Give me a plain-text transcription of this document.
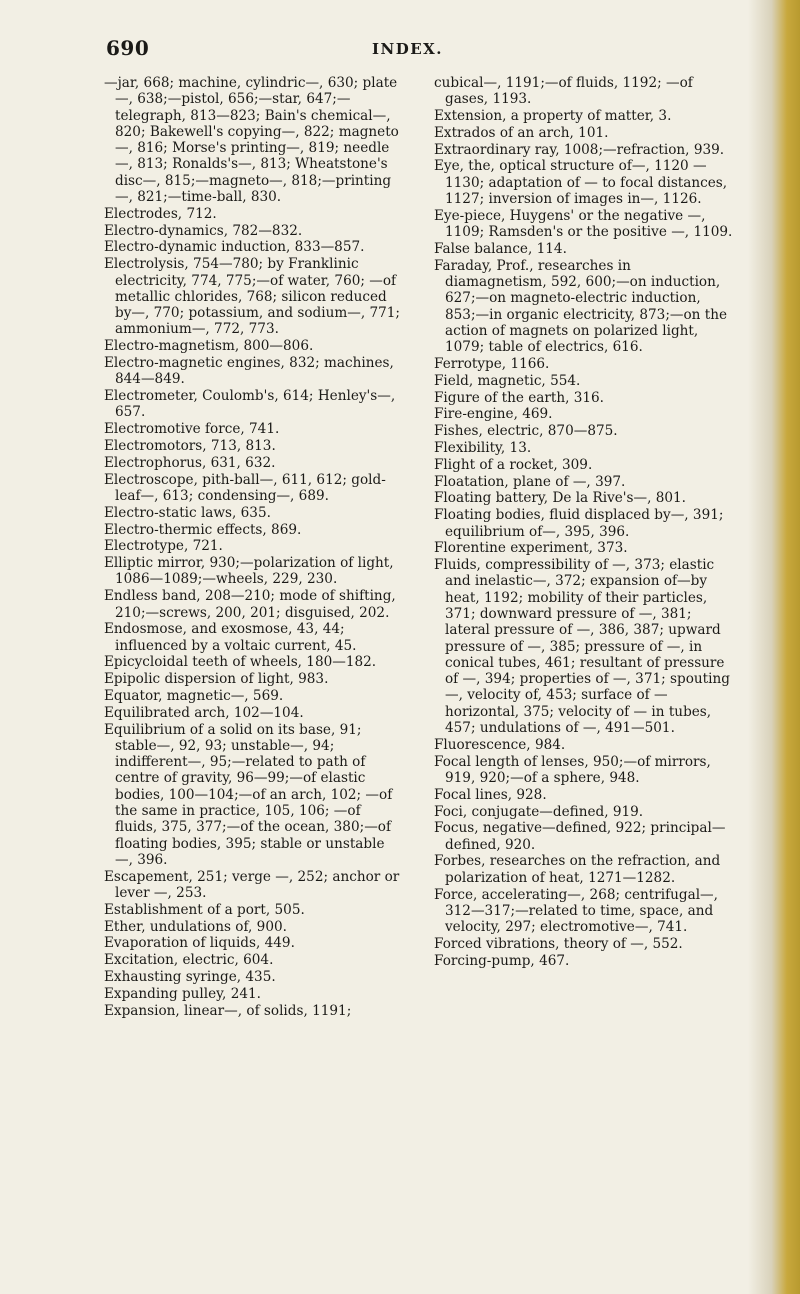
690	INDEX.

—jar, 668; machine, cylindric—, 630; plate—, 638;—pistol, 656;—star, 647;—telegraph, 813—823; Bain's chemical—, 820; Bakewell's copying—, 822; magneto—, 816; Morse's printing—, 819; needle—, 813; Ronalds's—, 813; Wheatstone's disc—, 815;—magneto—, 818;—printing—, 821;—time-ball, 830.

Electrodes, 712.

Electro-dynamics, 782—832.

Electro-dynamic induction, 833—857.

Electrolysis, 754—780; by Franklinic electricity, 774, 775;—of water, 760; —of metallic chlorides, 768; silicon reduced by—, 770; potassium, and sodium—, 771; ammonium—, 772, 773.

Electro-magnetism, 800—806.

Electro-magnetic engines, 832; machines, 844—849.

Electrometer, Coulomb's, 614; Henley's—, 657.

Electromotive force, 741.

Electromotors, 713, 813.

Electrophorus, 631, 632.

Electroscope, pith-ball—, 611, 612; gold-leaf—, 613; condensing—, 689.

Electro-static laws, 635.

Electro-thermic effects, 869.

Electrotype, 721.

Elliptic mirror, 930;—polarization of light, 1086—1089;—wheels, 229, 230.

Endless band, 208—210; mode of shifting, 210;—screws, 200, 201; disguised, 202.

Endosmose, and exosmose, 43, 44; influenced by a voltaic current, 45.

Epicycloidal teeth of wheels, 180—182.

Epipolic dispersion of light, 983.

Equator, magnetic—, 569.

Equilibrated arch, 102—104.

Equilibrium of a solid on its base, 91; stable—, 92, 93; unstable—, 94; indifferent—, 95;—related to path of centre of gravity, 96—99;—of elastic bodies, 100—104;—of an arch, 102; —of the same in practice, 105, 106; —of fluids, 375, 377;—of the ocean, 380;—of floating bodies, 395; stable or unstable—, 396.

Escapement, 251; verge —, 252; anchor or lever —, 253.

Establishment of a port, 505.

Ether, undulations of, 900.

Evaporation of liquids, 449.

Excitation, electric, 604.

Exhausting syringe, 435.

Expanding pulley, 241.

Expansion, linear—, of solids, 1191;

cubical—, 1191;—of fluids, 1192; —of gases, 1193.

Extension, a property of matter, 3.

Extrados of an arch, 101.

Extraordinary ray, 1008;—refraction, 939.

Eye, the, optical structure of—, 1120 —1130; adaptation of — to focal distances, 1127; inversion of images in—, 1126.

Eye-piece, Huygens' or the negative —, 1109; Ramsden's or the positive —, 1109.

False balance, 114.

Faraday, Prof., researches in diamagnetism, 592, 600;—on induction, 627;—on magneto-electric induction, 853;—in organic electricity, 873;—on the action of magnets on polarized light, 1079; table of electrics, 616.

Ferrotype, 1166.

Field, magnetic, 554.

Figure of the earth, 316.

Fire-engine, 469.

Fishes, electric, 870—875.

Flexibility, 13.

Flight of a rocket, 309.

Floatation, plane of —, 397.

Floating battery, De la Rive's—, 801.

Floating bodies, fluid displaced by—, 391; equilibrium of—, 395, 396.

Florentine experiment, 373.

Fluids, compressibility of —, 373; elastic and inelastic—, 372; expansion of—by heat, 1192; mobility of their particles, 371; downward pressure of —, 381; lateral pressure of —, 386, 387; upward pressure of —, 385; pressure of —, in conical tubes, 461; resultant of pressure of —, 394; properties of —, 371; spouting —, velocity of, 453; surface of — horizontal, 375; velocity of — in tubes, 457; undulations of —, 491—501.

Fluorescence, 984.

Focal length of lenses, 950;—of mirrors, 919, 920;—of a sphere, 948.

Focal lines, 928.

Foci, conjugate—defined, 919.

Focus, negative—defined, 922; principal—defined, 920.

Forbes, researches on the refraction, and polarization of heat, 1271—1282.

Force, accelerating—, 268; centrifugal—, 312—317;—related to time, space, and velocity, 297; electromotive—, 741.

Forced vibrations, theory of —, 552.

Forcing-pump, 467.
